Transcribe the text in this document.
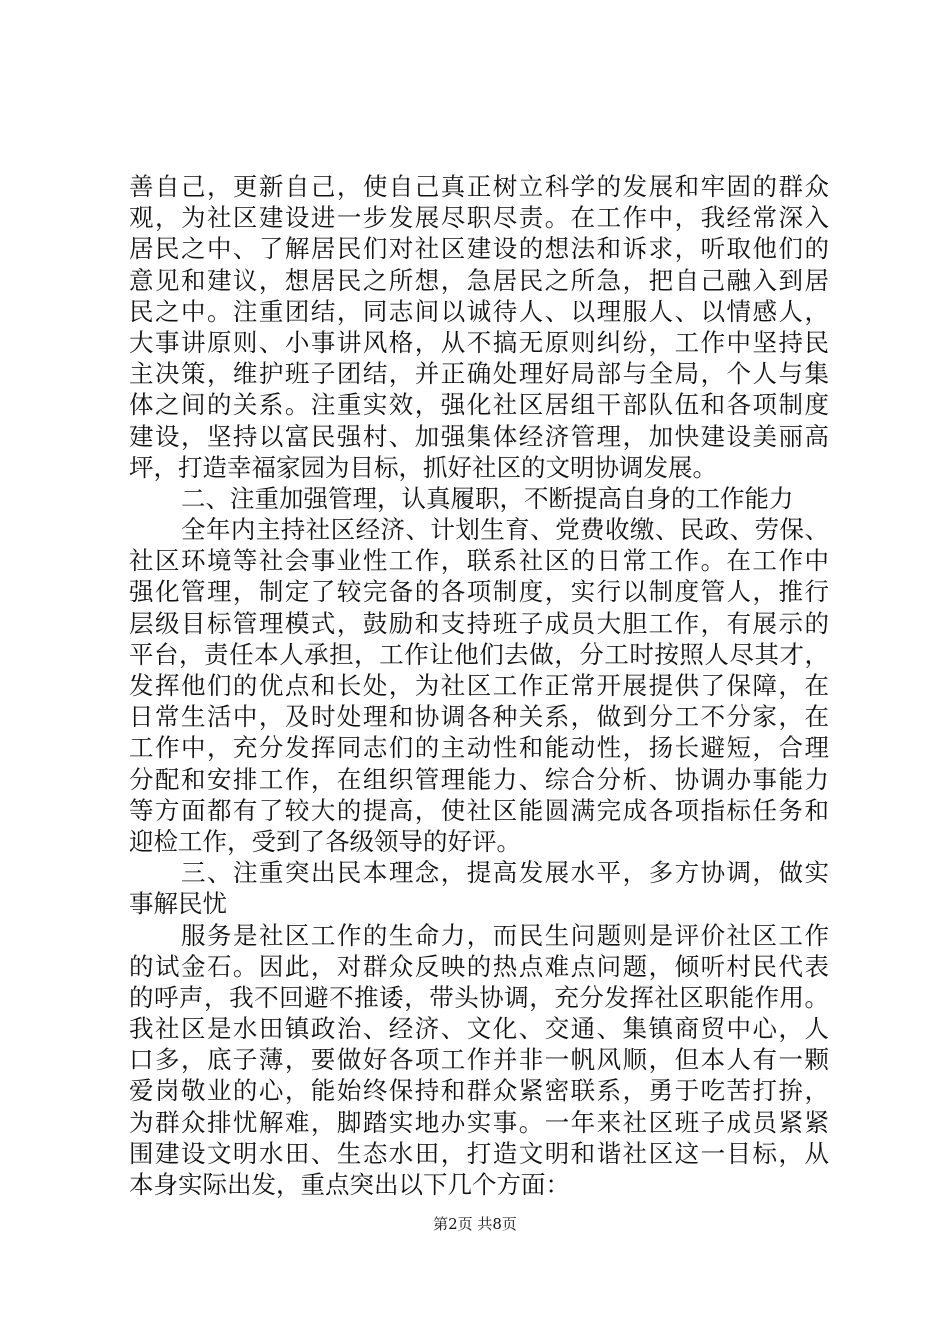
善自己，更新自己，使自己真正树立科学的发展和牢固的群众
观，为社区建设进一步发展尽职尽责。在工作中，我经常深入
居民之中、了解居民们对社区建设的想法和诉求，听取他们的
意见和建议，想居民之所想，急居民之所急，把自己融入到居
民之中。注重团结，同志间以诚待人、以理服人、以情感人，
大事讲原则、小事讲风格，从不搞无原则纠纷，工作中坚持民
主决策，维护班子团结，并正确处理好局部与全局，个人与集
体之间的关系。注重实效，强化社区居组干部队伍和各项制度
建设，坚持以富民强村、加强集体经济管理，加快建设美丽高
坪，打造幸福家园为目标，抓好社区的文明协调发展。
二、注重加强管理，认真履职，不断提高自身的工作能力
全年内主持社区经济、计划生育、党费收缴、民政、劳保、
社区环境等社会事业性工作，联系社区的日常工作。在工作中
强化管理，制定了较完备的各项制度，实行以制度管人，推行
层级目标管理模式，鼓励和支持班子成员大胆工作，有展示的
平台，责任本人承担，工作让他们去做，分工时按照人尽其才，
发挥他们的优点和长处，为社区工作正常开展提供了保障，在
日常生活中，及时处理和协调各种关系，做到分工不分家，在
工作中，充分发挥同志们的主动性和能动性，扬长避短，合理
分配和安排工作，在组织管理能力、综合分析、协调办事能力
等方面都有了较大的提高，使社区能圆满完成各项指标任务和
迎检工作，受到了各级领导的好评。
三、注重突出民本理念，提高发展水平，多方协调，做实
事解民忧
服务是社区工作的生命力，而民生问题则是评价社区工作
的试金石。因此，对群众反映的热点难点问题，倾听村民代表
的呼声，我不回避不推诿，带头协调，充分发挥社区职能作用。
我社区是水田镇政治、经济、文化、交通、集镇商贸中心，人
口多，底子薄，要做好各项工作并非一帆风顺，但本人有一颗
爱岗敬业的心，能始终保持和群众紧密联系，勇于吃苦打拚，
为群众排忧解难，脚踏实地办实事。一年来社区班子成员紧紧
围建设文明水田、生态水田，打造文明和谐社区这一目标，从
本身实际出发，重点突出以下几个方面：
第2页 共8页
